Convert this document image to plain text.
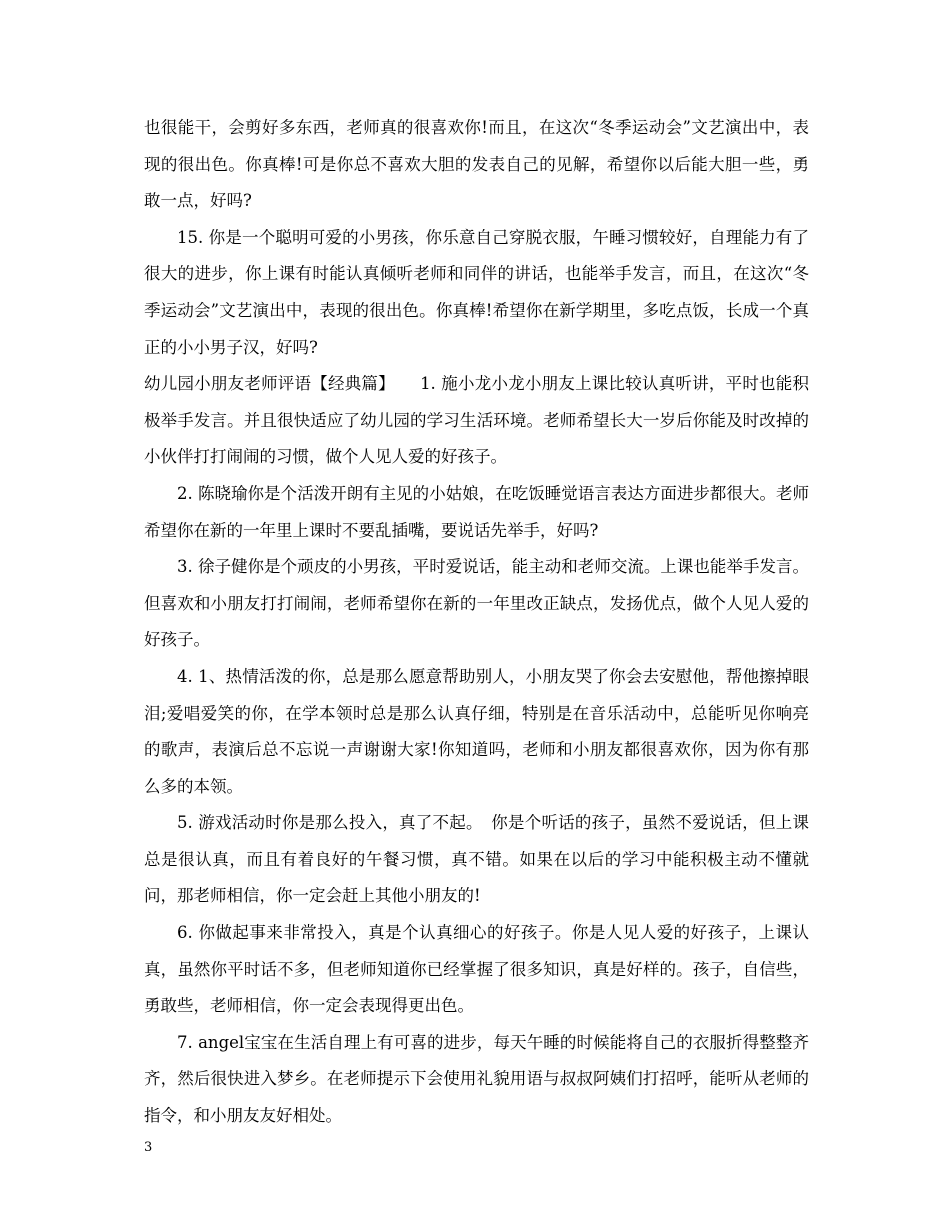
也很能干，会剪好多东西，老师真的很喜欢你!而且，在这次“冬季运动会”文艺演出中，表现的很出色。你真棒!可是你总不喜欢大胆的发表自己的见解，希望你以后能大胆一些，勇敢一点，好吗?

15. 你是一个聪明可爱的小男孩，你乐意自己穿脱衣服，午睡习惯较好，自理能力有了很大的进步，你上课有时能认真倾听老师和同伴的讲话，也能举手发言，而且，在这次“冬季运动会”文艺演出中，表现的很出色。你真棒!希望你在新学期里，多吃点饭，长成一个真正的小小男子汉，好吗?

幼儿园小朋友老师评语【经典篇】　　1. 施小龙小龙小朋友上课比较认真听讲，平时也能积极举手发言。并且很快适应了幼儿园的学习生活环境。老师希望长大一岁后你能及时改掉的小伙伴打打闹闹的习惯，做个人见人爱的好孩子。

2. 陈晓瑜你是个活泼开朗有主见的小姑娘，在吃饭睡觉语言表达方面进步都很大。老师希望你在新的一年里上课时不要乱插嘴，要说话先举手，好吗?

3. 徐子健你是个顽皮的小男孩，平时爱说话，能主动和老师交流。上课也能举手发言。但喜欢和小朋友打打闹闹，老师希望你在新的一年里改正缺点，发扬优点，做个人见人爱的好孩子。

4. 1、热情活泼的你，总是那么愿意帮助别人，小朋友哭了你会去安慰他，帮他擦掉眼泪;爱唱爱笑的你，在学本领时总是那么认真仔细，特别是在音乐活动中，总能听见你响亮的歌声，表演后总不忘说一声谢谢大家!你知道吗，老师和小朋友都很喜欢你，因为你有那么多的本领。

5. 游戏活动时你是那么投入，真了不起。　你是个听话的孩子，虽然不爱说话，但上课总是很认真，而且有着良好的午餐习惯，真不错。如果在以后的学习中能积极主动不懂就问，那老师相信，你一定会赶上其他小朋友的!

6. 你做起事来非常投入，真是个认真细心的好孩子。你是人见人爱的好孩子，上课认真，虽然你平时话不多，但老师知道你已经掌握了很多知识，真是好样的。孩子，自信些，勇敢些，老师相信，你一定会表现得更出色。

7. angel宝宝在生活自理上有可喜的进步，每天午睡的时候能将自己的衣服折得整整齐齐，然后很快进入梦乡。在老师提示下会使用礼貌用语与叔叔阿姨们打招呼，能听从老师的指令，和小朋友友好相处。

3
